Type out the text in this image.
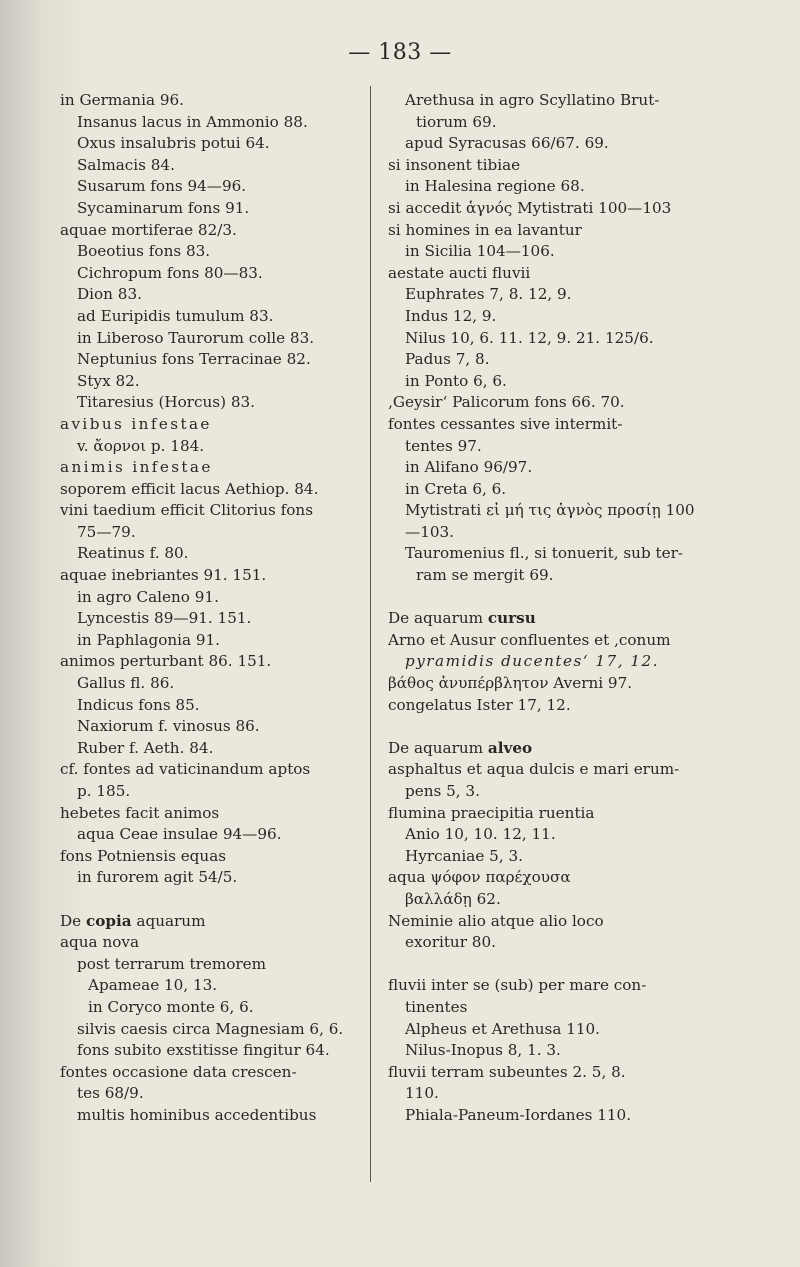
— 183 —
in Germania 96.
Insanus lacus in Ammonio 88.
Oxus insalubris potui 64.
Salmacis 84.
Susarum fons 94—96.
Sycaminarum fons 91.
aquae mortiferae 82/3.
Boeotius fons 83.
Cichropum fons 80—83.
Dion 83.
ad Euripidis tumulum 83.
in Liberoso Taurorum colle 83.
Neptunius fons Terracinae 82.
Styx 82.
Titaresius (Horcus) 83.
avibus infestae
v. ἄορνοι p. 184.
animis infestae
soporem efficit lacus Aethiop. 84.
vini taedium efficit Clitorius fons
75—79.
Reatinus f. 80.
aquae inebriantes 91. 151.
in agro Caleno 91.
Lyncestis 89—91. 151.
in Paphlagonia 91.
animos perturbant 86. 151.
Gallus fl. 86.
Indicus fons 85.
Naxiorum f. vinosus 86.
Ruber f. Aeth. 84.
cf. fontes ad vaticinandum aptos
p. 185.
hebetes facit animos
aqua Ceae insulae 94—96.
fons Potniensis equas
in furorem agit 54/5.
De copia aquarum
aqua nova
post terrarum tremorem
Apameae 10, 13.
in Coryco monte 6, 6.
silvis caesis circa Magnesiam 6, 6.
fons subito exstitisse fingitur 64.
fontes occasione data crescen-
tes 68/9.
multis hominibus accedentibus
Arethusa in agro Scyllatino Brut-
tiorum 69.
apud Syracusas 66/67. 69.
si insonent tibiae
in Halesina regione 68.
si accedit ἁγνός Mytistrati 100—103
si homines in ea lavantur
in Sicilia 104—106.
aestate aucti fluvii
Euphrates 7, 8. 12, 9.
Indus 12, 9.
Nilus 10, 6. 11. 12, 9. 21. 125/6.
Padus 7, 8.
in Ponto 6, 6.
‚Geysir‘ Palicorum fons 66. 70.
fontes cessantes sive intermit-
tentes 97.
in Alifano 96/97.
in Creta 6, 6.
Mytistrati εἰ μή τις ἁγνὸς προσίῃ 100
—103.
Tauromenius fl., si tonuerit, sub ter-
ram se mergit 69.
De aquarum cursu
Arno et Ausur confluentes et ‚conum
pyramidis ducentes‘ 17, 12.
βάθος ἀνυπέρβλητον Averni 97.
congelatus Ister 17, 12.
De aquarum alveo
asphaltus et aqua dulcis e mari erum-
pens 5, 3.
flumina praecipitia ruentia
Anio 10, 10. 12, 11.
Hyrcaniae 5, 3.
aqua ψόφον παρέχουσα
βαλλάδῃ 62.
Neminie alio atque alio loco
exoritur 80.
fluvii inter se (sub) per mare con-
tinentes
Alpheus et Arethusa 110.
Nilus-Inopus 8, 1. 3.
fluvii terram subeuntes 2. 5, 8.
110.
Phiala-Paneum-Iordanes 110.
